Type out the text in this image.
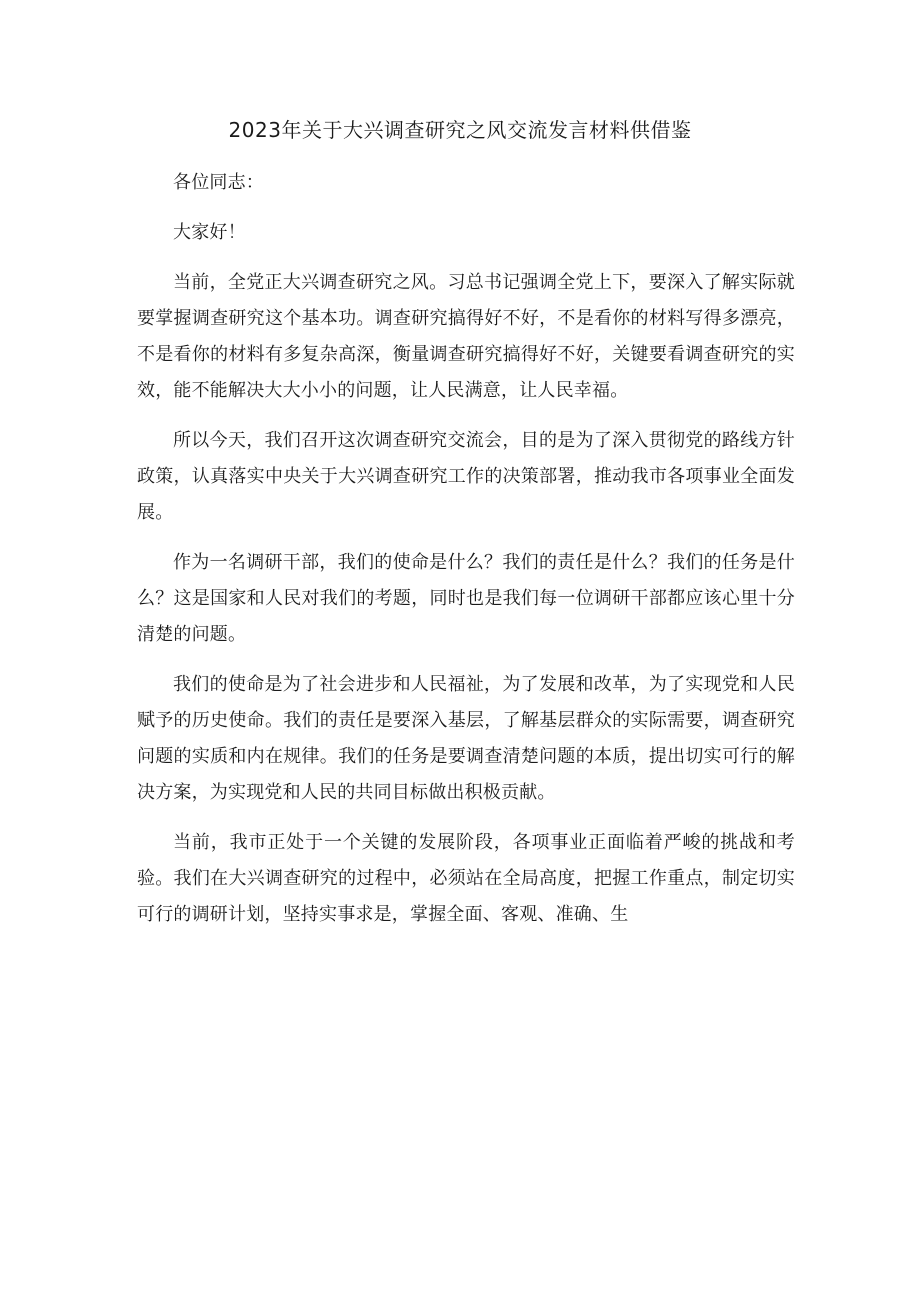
2023年关于大兴调查研究之风交流发言材料供借鉴

各位同志：

大家好！

当前，全党正大兴调查研究之风。习总书记强调全党上下，要深入了解实际就要掌握调查研究这个基本功。调查研究搞得好不好，不是看你的材料写得多漂亮，不是看你的材料有多复杂高深，衡量调查研究搞得好不好，关键要看调查研究的实效，能不能解决大大小小的问题，让人民满意，让人民幸福。

所以今天，我们召开这次调查研究交流会，目的是为了深入贯彻党的路线方针政策，认真落实中央关于大兴调查研究工作的决策部署，推动我市各项事业全面发展。

作为一名调研干部，我们的使命是什么？我们的责任是什么？我们的任务是什么？这是国家和人民对我们的考题，同时也是我们每一位调研干部都应该心里十分清楚的问题。

我们的使命是为了社会进步和人民福祉，为了发展和改革，为了实现党和人民赋予的历史使命。我们的责任是要深入基层，了解基层群众的实际需要，调查研究问题的实质和内在规律。我们的任务是要调查清楚问题的本质，提出切实可行的解决方案，为实现党和人民的共同目标做出积极贡献。

当前，我市正处于一个关键的发展阶段，各项事业正面临着严峻的挑战和考验。我们在大兴调查研究的过程中，必须站在全局高度，把握工作重点，制定切实可行的调研计划，坚持实事求是，掌握全面、客观、准确、生
